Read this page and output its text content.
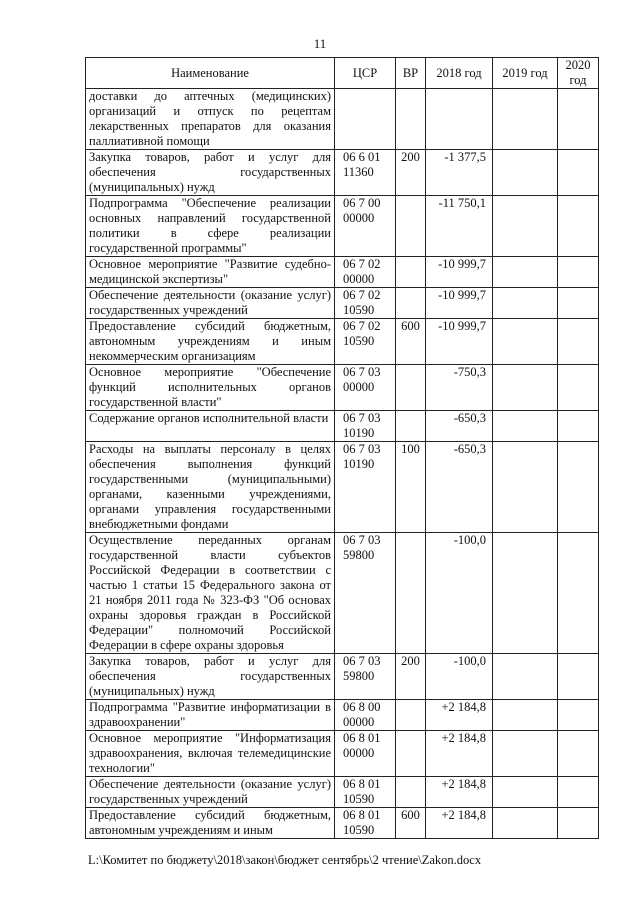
11
Наименование	ЦСР	ВР	2018 год	2019 год	2020 год
доставки до аптечных (медицинских) организаций и отпуск по рецептам лекарственных препаратов для оказания паллиативной помощи					
Закупка товаров, работ и услуг для обеспечения государственных (муниципальных) нужд	06 6 01 11360	200	-1 377,5		
Подпрограмма "Обеспечение реализации основных направлений государственной политики в сфере реализации государственной программы"	06 7 00 00000		-11 750,1		
Основное мероприятие "Развитие судебно-медицинской экспертизы"	06 7 02 00000		-10 999,7		
Обеспечение деятельности (оказание услуг) государственных учреждений	06 7 02 10590		-10 999,7		
Предоставление субсидий бюджетным, автономным учреждениям и иным некоммерческим организациям	06 7 02 10590	600	-10 999,7		
Основное мероприятие "Обеспечение функций исполнительных органов государственной власти"	06 7 03 00000		-750,3		
Содержание органов исполнительной власти	06 7 03 10190		-650,3		
Расходы на выплаты персоналу в целях обеспечения выполнения функций государственными (муниципальными) органами, казенными учреждениями, органами управления государственными внебюджетными фондами	06 7 03 10190	100	-650,3		
Осуществление переданных органам государственной власти субъектов Российской Федерации в соответствии с частью 1 статьи 15 Федерального закона от 21 ноября 2011 года № 323-ФЗ "Об основах охраны здоровья граждан в Российской Федерации" полномочий Российской Федерации в сфере охраны здоровья	06 7 03 59800		-100,0		
Закупка товаров, работ и услуг для обеспечения государственных (муниципальных) нужд	06 7 03 59800	200	-100,0		
Подпрограмма "Развитие информатизации в здравоохранении"	06 8 00 00000		+2 184,8		
Основное мероприятие "Информатизация здравоохранения, включая телемедицинские технологии"	06 8 01 00000		+2 184,8		
Обеспечение деятельности (оказание услуг) государственных учреждений	06 8 01 10590		+2 184,8		
Предоставление субсидий бюджетным, автономным учреждениям и иным	06 8 01 10590	600	+2 184,8		
L:\Комитет по бюджету\2018\закон\бюджет сентябрь\2 чтение\Zakon.docx
